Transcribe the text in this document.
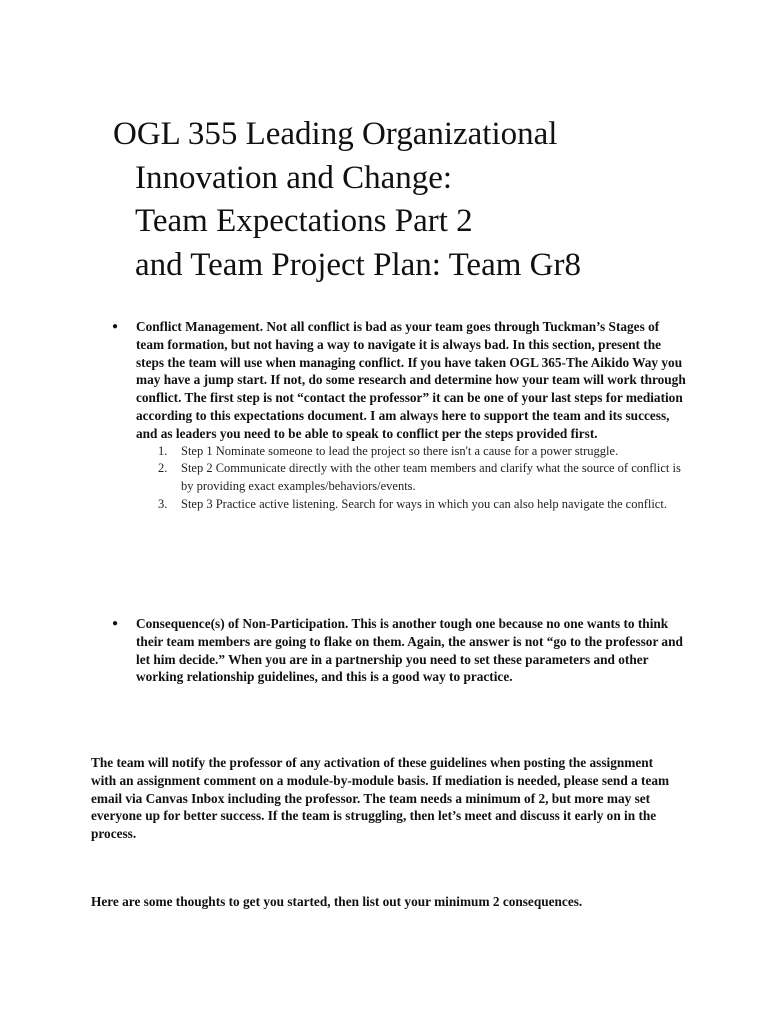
OGL 355 Leading Organizational
Innovation and Change:
Team Expectations Part 2
and Team Project Plan: Team Gr8
● Conflict Management. Not all conflict is bad as your team goes through Tuckman’s Stages of team formation, but not having a way to navigate it is always bad. In this section, present the steps the team will use when managing conflict. If you have taken OGL 365-The Aikido Way you may have a jump start. If not, do some research and determine how your team will work through conflict. The first step is not “contact the professor” it can be one of your last steps for mediation according to this expectations document. I am always here to support the team and its success, and as leaders you need to be able to speak to conflict per the steps provided first.
1. Step 1 Nominate someone to lead the project so there isn't a cause for a power struggle.
2. Step 2 Communicate directly with the other team members and clarify what the source of conflict is by providing exact examples/behaviors/events.
3. Step 3 Practice active listening. Search for ways in which you can also help navigate the conflict.
● Consequence(s) of Non-Participation. This is another tough one because no one wants to think their team members are going to flake on them. Again, the answer is not “go to the professor and let him decide.” When you are in a partnership you need to set these parameters and other working relationship guidelines, and this is a good way to practice.

The team will notify the professor of any activation of these guidelines when posting the assignment with an assignment comment on a module-by-module basis. If mediation is needed, please send a team email via Canvas Inbox including the professor. The team needs a minimum of 2, but more may set everyone up for better success. If the team is struggling, then let’s meet and discuss it early on in the process.

Here are some thoughts to get you started, then list out your minimum 2 consequences.
